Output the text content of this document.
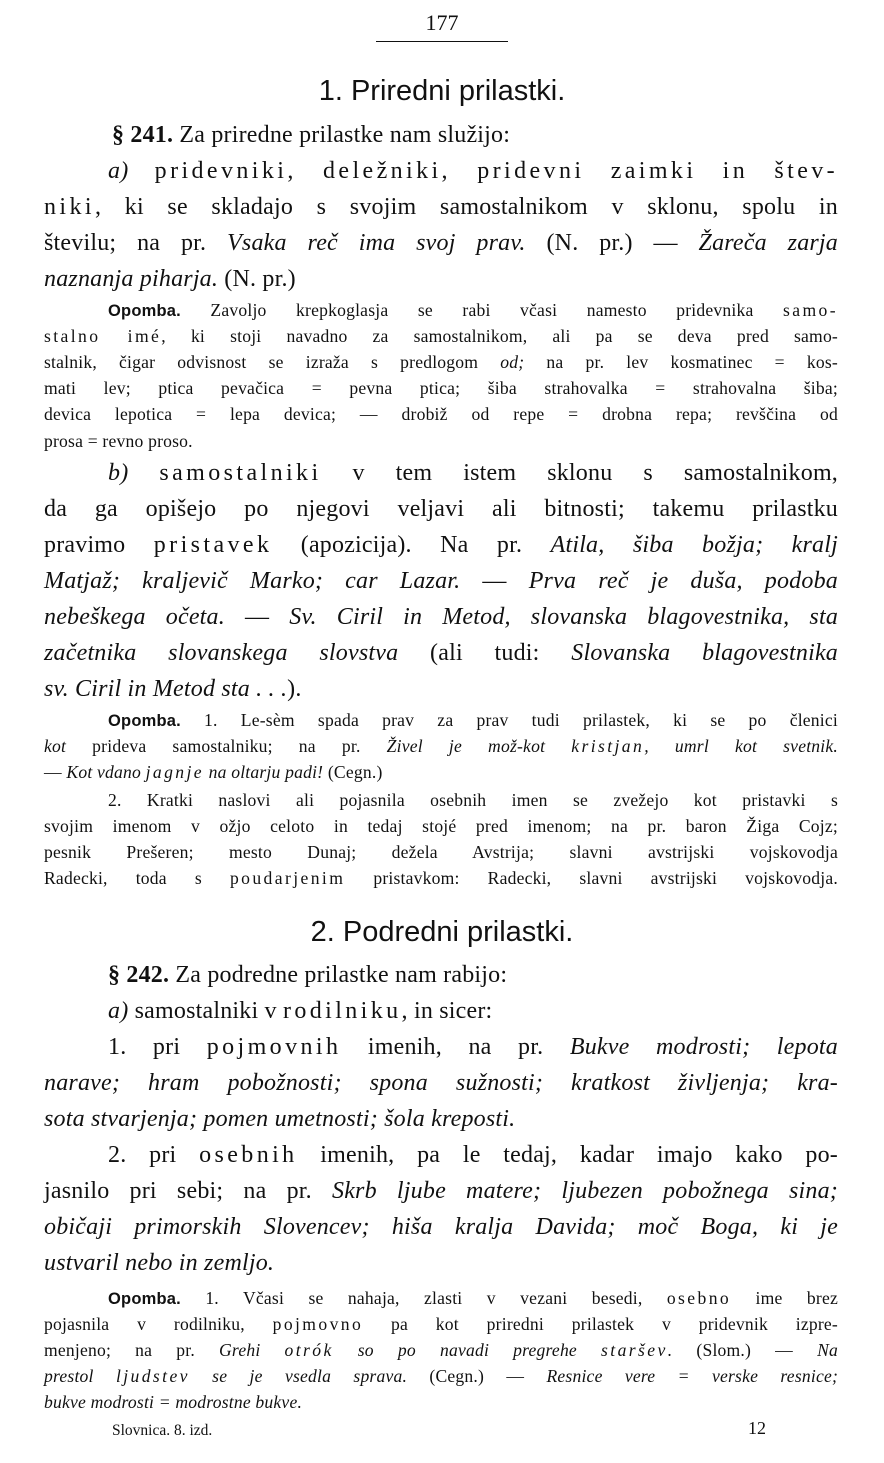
177
1. Priredni prilastki.
§ 241. Za priredne prilastke nam služijo:
a) pridevniki, deležniki, pridevni zaimki in štev-
niki, ki se skladajo s svojim samostalnikom v sklonu, spolu in
številu; na pr. Vsaka reč ima svoj prav. (N. pr.) — Žareča zarja
naznanja piharja. (N. pr.)
Opomba. Zavoljo krepkoglasja se rabi včasi namesto pridevnika samo-
stalno imé, ki stoji navadno za samostalnikom, ali pa se deva pred samo-
stalnik, čigar odvisnost se izraža s predlogom od; na pr. lev kosmatinec = kos-
mati lev; ptica pevačica = pevna ptica; šiba strahovalka = strahovalna šiba;
devica lepotica = lepa devica; — drobiž od repe = drobna repa; revščina od
prosa = revno proso.
b) samostalniki v tem istem sklonu s samostalnikom,
da ga opišejo po njegovi veljavi ali bitnosti; takemu prilastku
pravimo pristavek (apozicija). Na pr. Atila, šiba božja; kralj
Matjaž; kraljevič Marko; car Lazar. — Prva reč je duša, podoba
nebeškega očeta. — Sv. Ciril in Metod, slovanska blagovestnika, sta
začetnika slovanskega slovstva (ali tudi: Slovanska blagovestnika
sv. Ciril in Metod sta . . .).
Opomba. 1. Le-sèm spada prav za prav tudi prilastek, ki se po členici
kot prideva samostalniku; na pr. Živel je mož-kot kristjan, umrl kot svetnik.
— Kot vdano jagnje na oltarju padi! (Cegn.)
2. Kratki naslovi ali pojasnila osebnih imen se zvežejo kot pristavki s
svojim imenom v ožjo celoto in tedaj stojé pred imenom; na pr. baron Žiga Cojz;
pesnik Prešeren; mesto Dunaj; dežela Avstrija; slavni avstrijski vojskovodja
Radecki, toda s poudarjenim pristavkom: Radecki, slavni avstrijski vojskovodja.
2. Podredni prilastki.
§ 242. Za podredne prilastke nam rabijo:
a) samostalniki v rodilniku, in sicer:
1. pri pojmovnih imenih, na pr. Bukve modrosti; lepota
narave; hram pobožnosti; spona sužnosti; kratkost življenja; kra-
sota stvarjenja; pomen umetnosti; šola kreposti.
2. pri osebnih imenih, pa le tedaj, kadar imajo kako po-
jasnilo pri sebi; na pr. Skrb ljube matere; ljubezen pobožnega sina;
običaji primorskih Slovencev; hiša kralja Davida; moč Boga, ki je
ustvaril nebo in zemljo.
Opomba. 1. Včasi se nahaja, zlasti v vezani besedi, osebno ime brez
pojasnila v rodilniku, pojmovno pa kot priredni prilastek v pridevnik izpre-
menjeno; na pr. Grehi otrók so po navadi pregrehe staršev. (Slom.) — Na
prestol ljudstev se je vsedla sprava. (Cegn.) — Resnice vere = verske resnice;
bukve modrosti = modrostne bukve.
Slovnica. 8. izd.	12
